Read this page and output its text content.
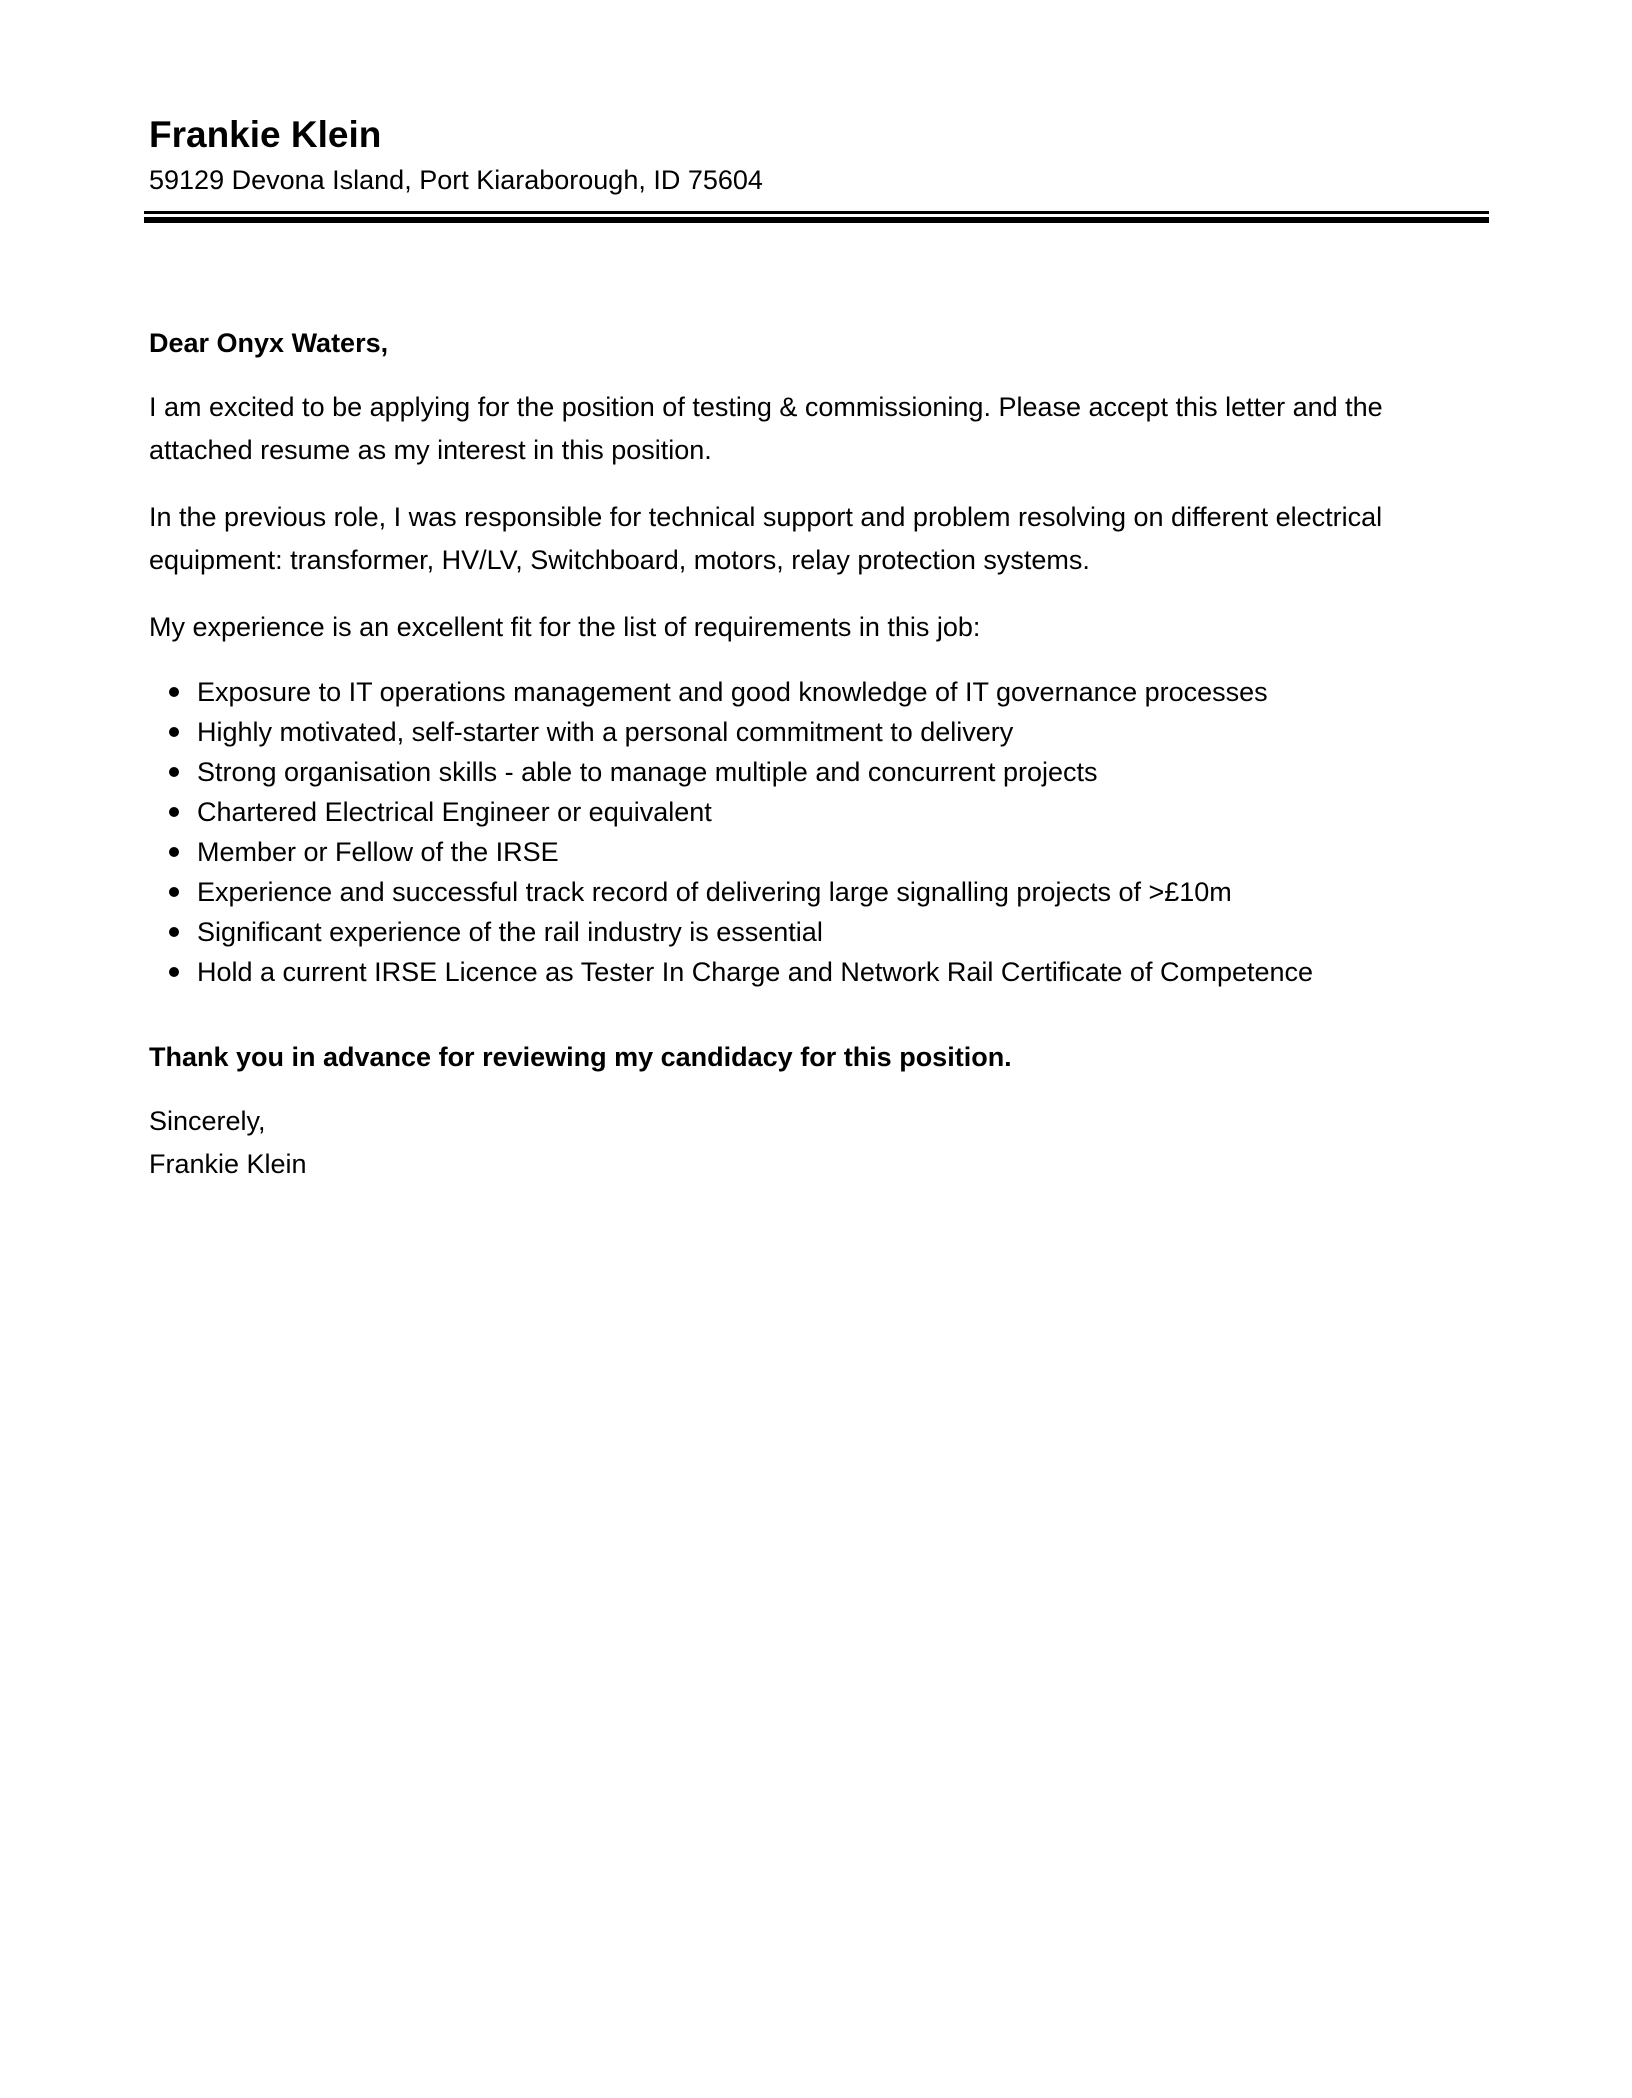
Frankie Klein
59129 Devona Island, Port Kiaraborough, ID 75604

Dear Onyx Waters,

I am excited to be applying for the position of testing & commissioning. Please accept this letter and the attached resume as my interest in this position.

In the previous role, I was responsible for technical support and problem resolving on different electrical equipment: transformer, HV/LV, Switchboard, motors, relay protection systems.

My experience is an excellent fit for the list of requirements in this job:

Exposure to IT operations management and good knowledge of IT governance processes
Highly motivated, self-starter with a personal commitment to delivery
Strong organisation skills - able to manage multiple and concurrent projects
Chartered Electrical Engineer or equivalent
Member or Fellow of the IRSE
Experience and successful track record of delivering large signalling projects of >£10m
Significant experience of the rail industry is essential
Hold a current IRSE Licence as Tester In Charge and Network Rail Certificate of Competence

Thank you in advance for reviewing my candidacy for this position.

Sincerely,
Frankie Klein
